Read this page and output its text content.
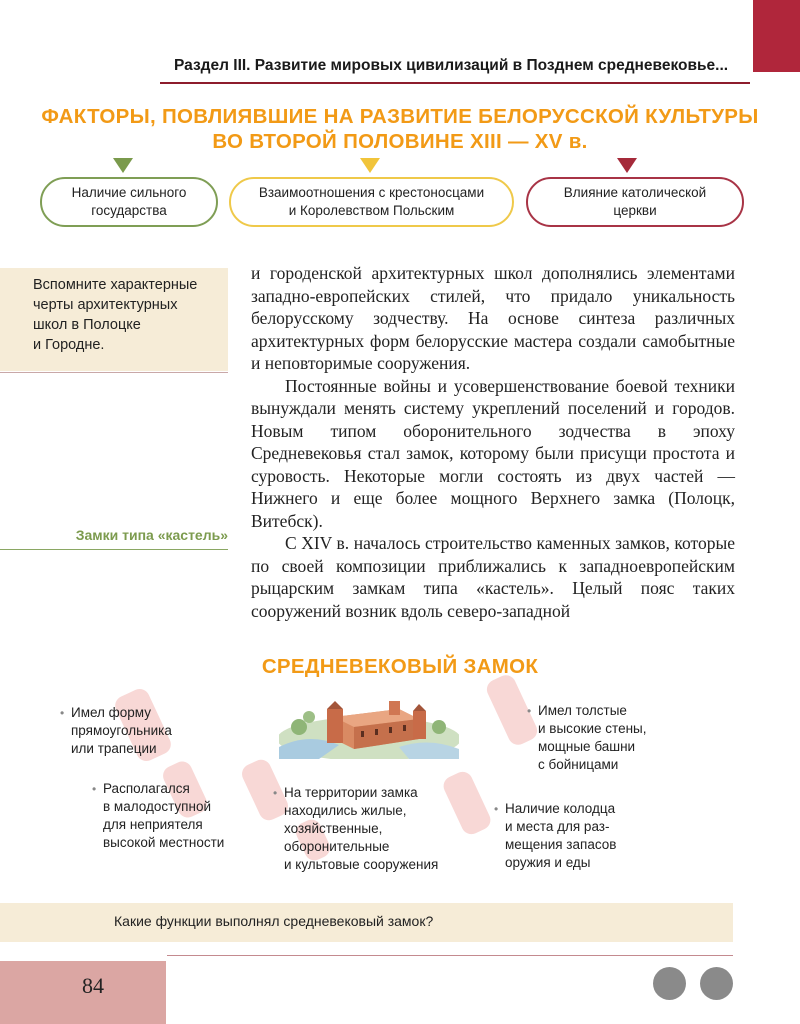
Раздел III. Развитие мировых цивилизаций в Позднем средневековье...
ФАКТОРЫ, ПОВЛИЯВШИЕ НА РАЗВИТИЕ БЕЛОРУССКОЙ КУЛЬТУРЫ
ВО ВТОРОЙ ПОЛОВИНЕ XIII — XV в.
Наличие сильного
государства
Взаимоотношения с крестоносцами
и Королевством Польским
Влияние католической
церкви
Вспомните характерные
черты архитектурных
школ в Полоцке
и Городне.
Замки типа «кастель»

и городенской архитектурных школ дополнялись элементами западно-европейских стилей, что придало уникальность белорусскому зодчеству. На основе синтеза различных архитектурных форм белорусские мастера создали самобытные и неповторимые сооружения.

Постоянные войны и усовершенствование боевой техники вынуждали менять систему укреплений поселений и городов. Новым типом оборонительного зодчества в эпоху Средневековья стал замок, которому были присущи простота и суровость. Некоторые могли состоять из двух частей — Нижнего и еще более мощного Верхнего замка (Полоцк, Витебск).

С XIV в. началось строительство каменных замков, которые по своей композиции приближались к западноевропейским рыцарским замкам типа «кастель». Целый пояс таких сооружений возник вдоль северо-западной

СРЕДНЕВЕКОВЫЙ ЗАМОК
• Имел форму
прямоугольника
или трапеции
• Располагался
в малодоступной
для неприятеля
высокой местности
• На территории замка
находились жилые,
хозяйственные,
оборонительные
и культовые сооружения
• Имел толстые
и высокие стены,
мощные башни
с бойницами
• Наличие колодца
и места для раз-
мещения запасов
оружия и еды
Какие функции выполнял средневековый замок?
84
